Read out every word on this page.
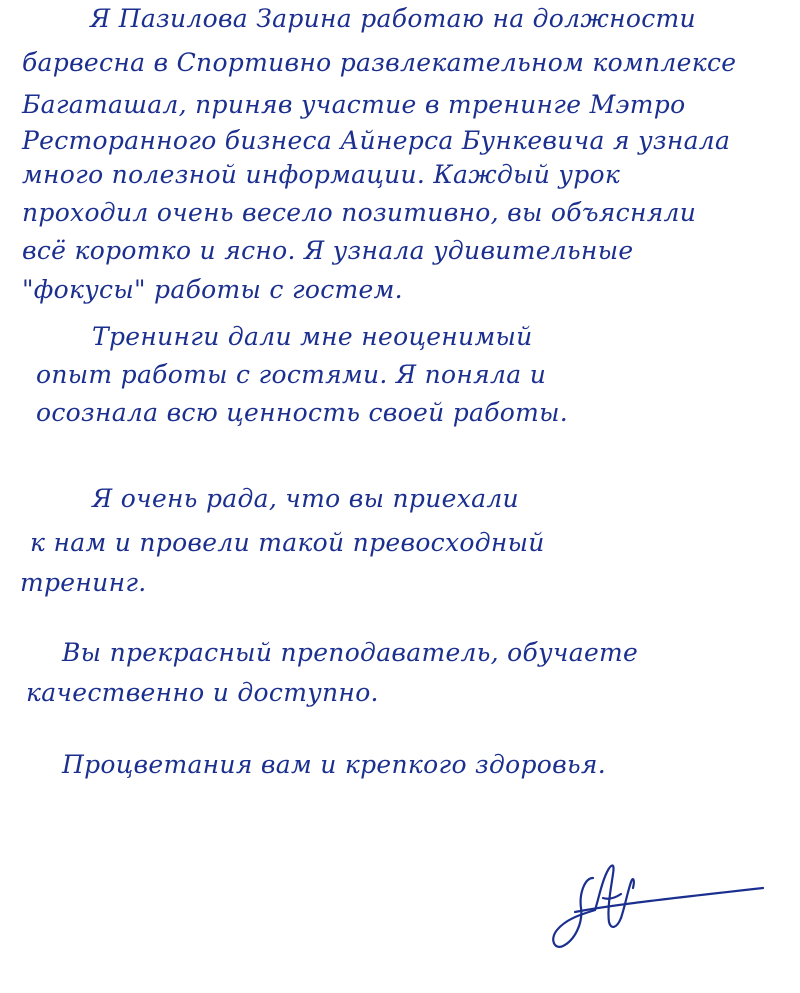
Я Пазилова Зарина работаю на должности
барвесна в Спортивно развлекательном комплексе
Багаташал, приняв участие в тренинге Мэтро
Ресторанного бизнеса Айнерса Бункевича я узнала
много полезной информации. Каждый урок
проходил очень весело позитивно, вы объясняли
всё коротко и ясно. Я узнала удивительные
"фокусы" работы с гостем.
Тренинги дали мне неоценимый
опыт работы с гостями. Я поняла и
осознала всю ценность своей работы.
Я очень рада, что вы приехали
к нам и провели такой превосходный
тренинг.
Вы прекрасный преподаватель, обучаете
качественно и доступно.
Процветания вам и крепкого здоровья.
